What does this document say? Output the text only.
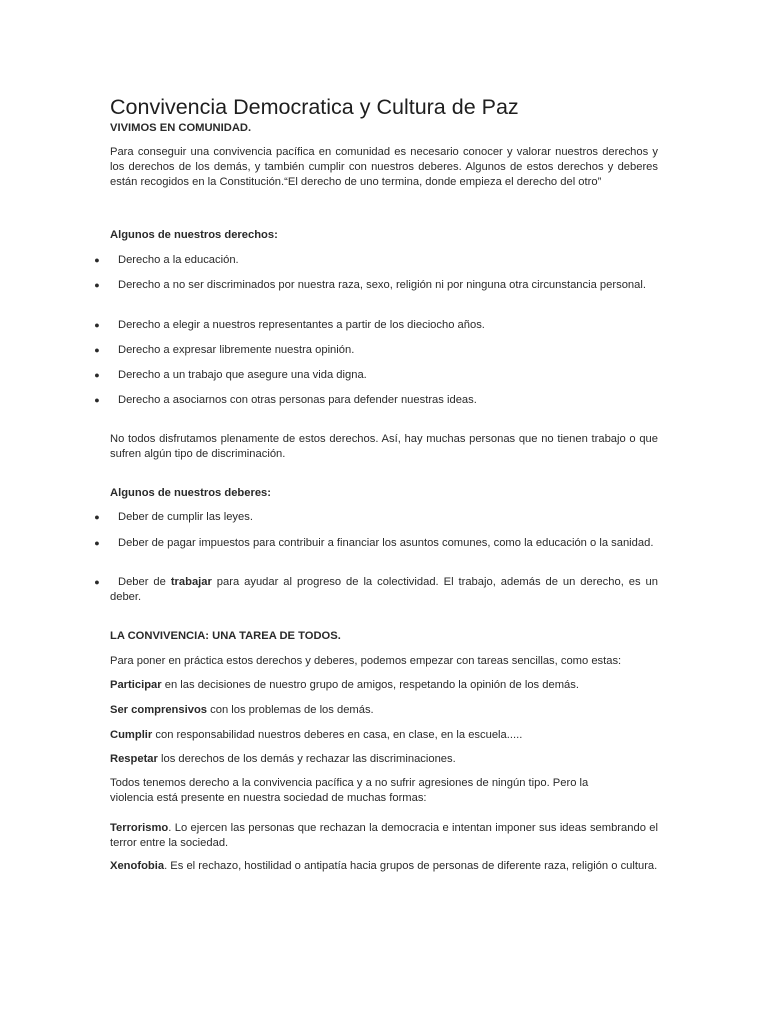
Convivencia Democratica y Cultura de Paz

VIVIMOS EN COMUNIDAD.

Para conseguir una convivencia pacífica en comunidad es necesario conocer y valorar nuestros derechos y los derechos de los demás, y también cumplir con nuestros deberes. Algunos de estos derechos y deberes están recogidos en la Constitución.“El derecho de uno termina, donde empieza el derecho del otro”

Algunos de nuestros derechos:

●	Derecho a la educación.
●	Derecho a no ser discriminados por nuestra raza, sexo, religión ni por ninguna otra circunstancia personal.
●	Derecho a elegir a nuestros representantes a partir de los dieciocho años.
●	Derecho a expresar libremente nuestra opinión.
●	Derecho a un trabajo que asegure una vida digna.
●	Derecho a asociarnos con otras personas para defender nuestras ideas.

No todos disfrutamos plenamente de estos derechos. Así, hay muchas personas que no tienen trabajo o que sufren algún tipo de discriminación.

Algunos de nuestros deberes:

●	Deber de cumplir las leyes.
●	Deber de pagar impuestos para contribuir a financiar los asuntos comunes, como la educación o la sanidad.
●	Deber de trabajar para ayudar al progreso de la colectividad. El trabajo, además de un derecho, es un deber.

LA CONVIVENCIA: UNA TAREA DE TODOS.

Para poner en práctica estos derechos y deberes, podemos empezar con tareas sencillas, como estas:

Participar en las decisiones de nuestro grupo de amigos, respetando la opinión de los demás.

Ser comprensivos con los problemas de los demás.

Cumplir con responsabilidad nuestros deberes en casa, en clase, en la escuela.....

Respetar los derechos de los demás y rechazar las discriminaciones.

Todos tenemos derecho a la convivencia pacífica y a no sufrir agresiones de ningún tipo. Pero la violencia está presente en nuestra sociedad de muchas formas:

Terrorismo. Lo ejercen las personas que rechazan la democracia e intentan imponer sus ideas sembrando el terror entre la sociedad.

Xenofobia. Es el rechazo, hostilidad o antipatía hacia grupos de personas de diferente raza, religión o cultura.
